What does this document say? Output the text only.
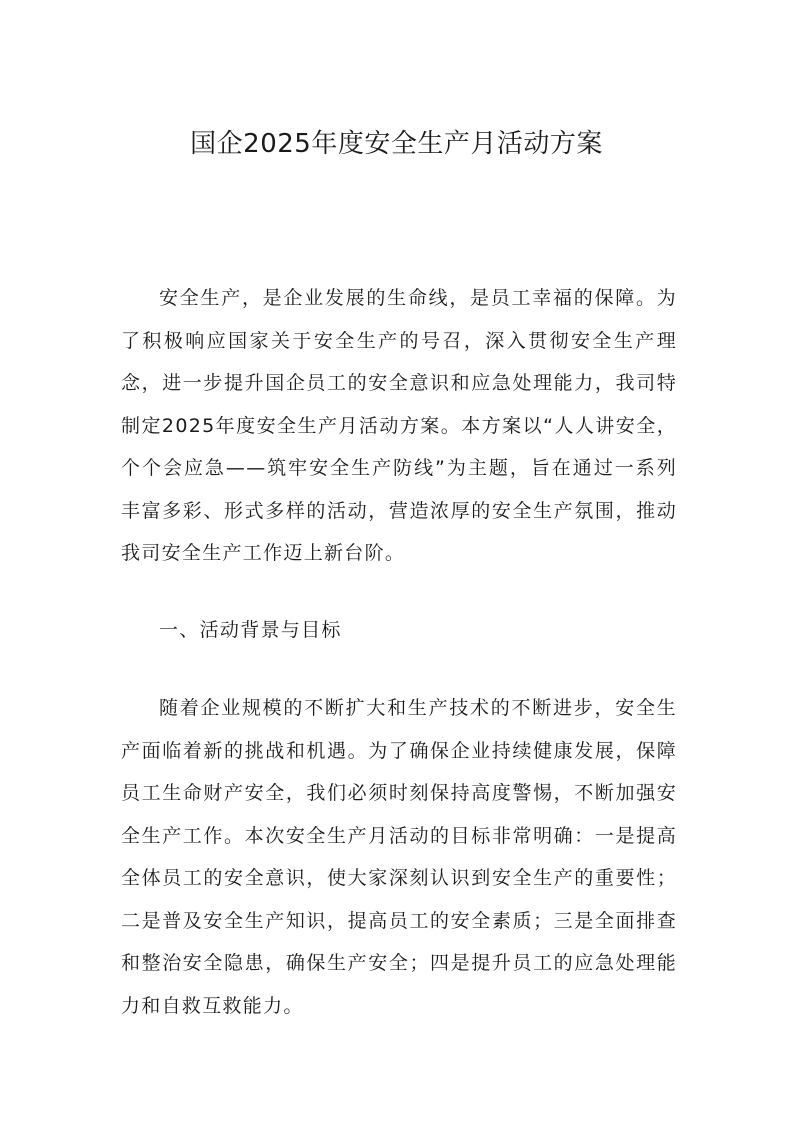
国企2025年度安全生产月活动方案

安全生产，是企业发展的生命线，是员工幸福的保障。为了积极响应国家关于安全生产的号召，深入贯彻安全生产理念，进一步提升国企员工的安全意识和应急处理能力，我司特制定2025年度安全生产月活动方案。本方案以“人人讲安全，个个会应急——筑牢安全生产防线”为主题，旨在通过一系列丰富多彩、形式多样的活动，营造浓厚的安全生产氛围，推动我司安全生产工作迈上新台阶。

一、活动背景与目标

随着企业规模的不断扩大和生产技术的不断进步，安全生产面临着新的挑战和机遇。为了确保企业持续健康发展，保障员工生命财产安全，我们必须时刻保持高度警惕，不断加强安全生产工作。本次安全生产月活动的目标非常明确：一是提高全体员工的安全意识，使大家深刻认识到安全生产的重要性；二是普及安全生产知识，提高员工的安全素质；三是全面排查和整治安全隐患，确保生产安全；四是提升员工的应急处理能力和自救互救能力。
